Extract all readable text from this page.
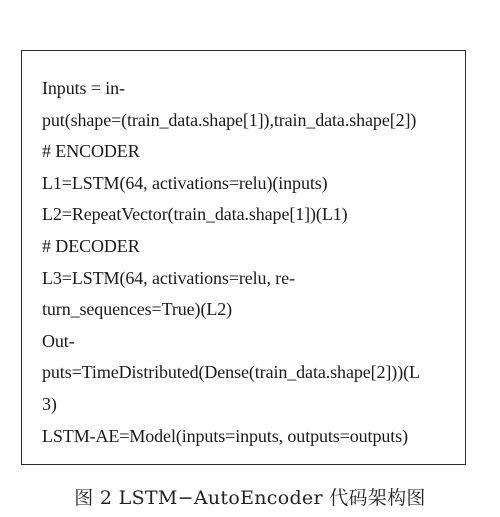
Inputs = in-
put(shape=(train_data.shape[1]),train_data.shape[2])
# ENCODER
L1=LSTM(64, activations=relu)(inputs)
L2=RepeatVector(train_data.shape[1])(L1)
# DECODER
L3=LSTM(64, activations=relu, re-
turn_sequences=True)(L2)
Out-
puts=TimeDistributed(Dense(train_data.shape[2]))(L
3)
LSTM-AE=Model(inputs=inputs, outputs=outputs)
图 2 LSTM−AutoEncoder 代码架构图
